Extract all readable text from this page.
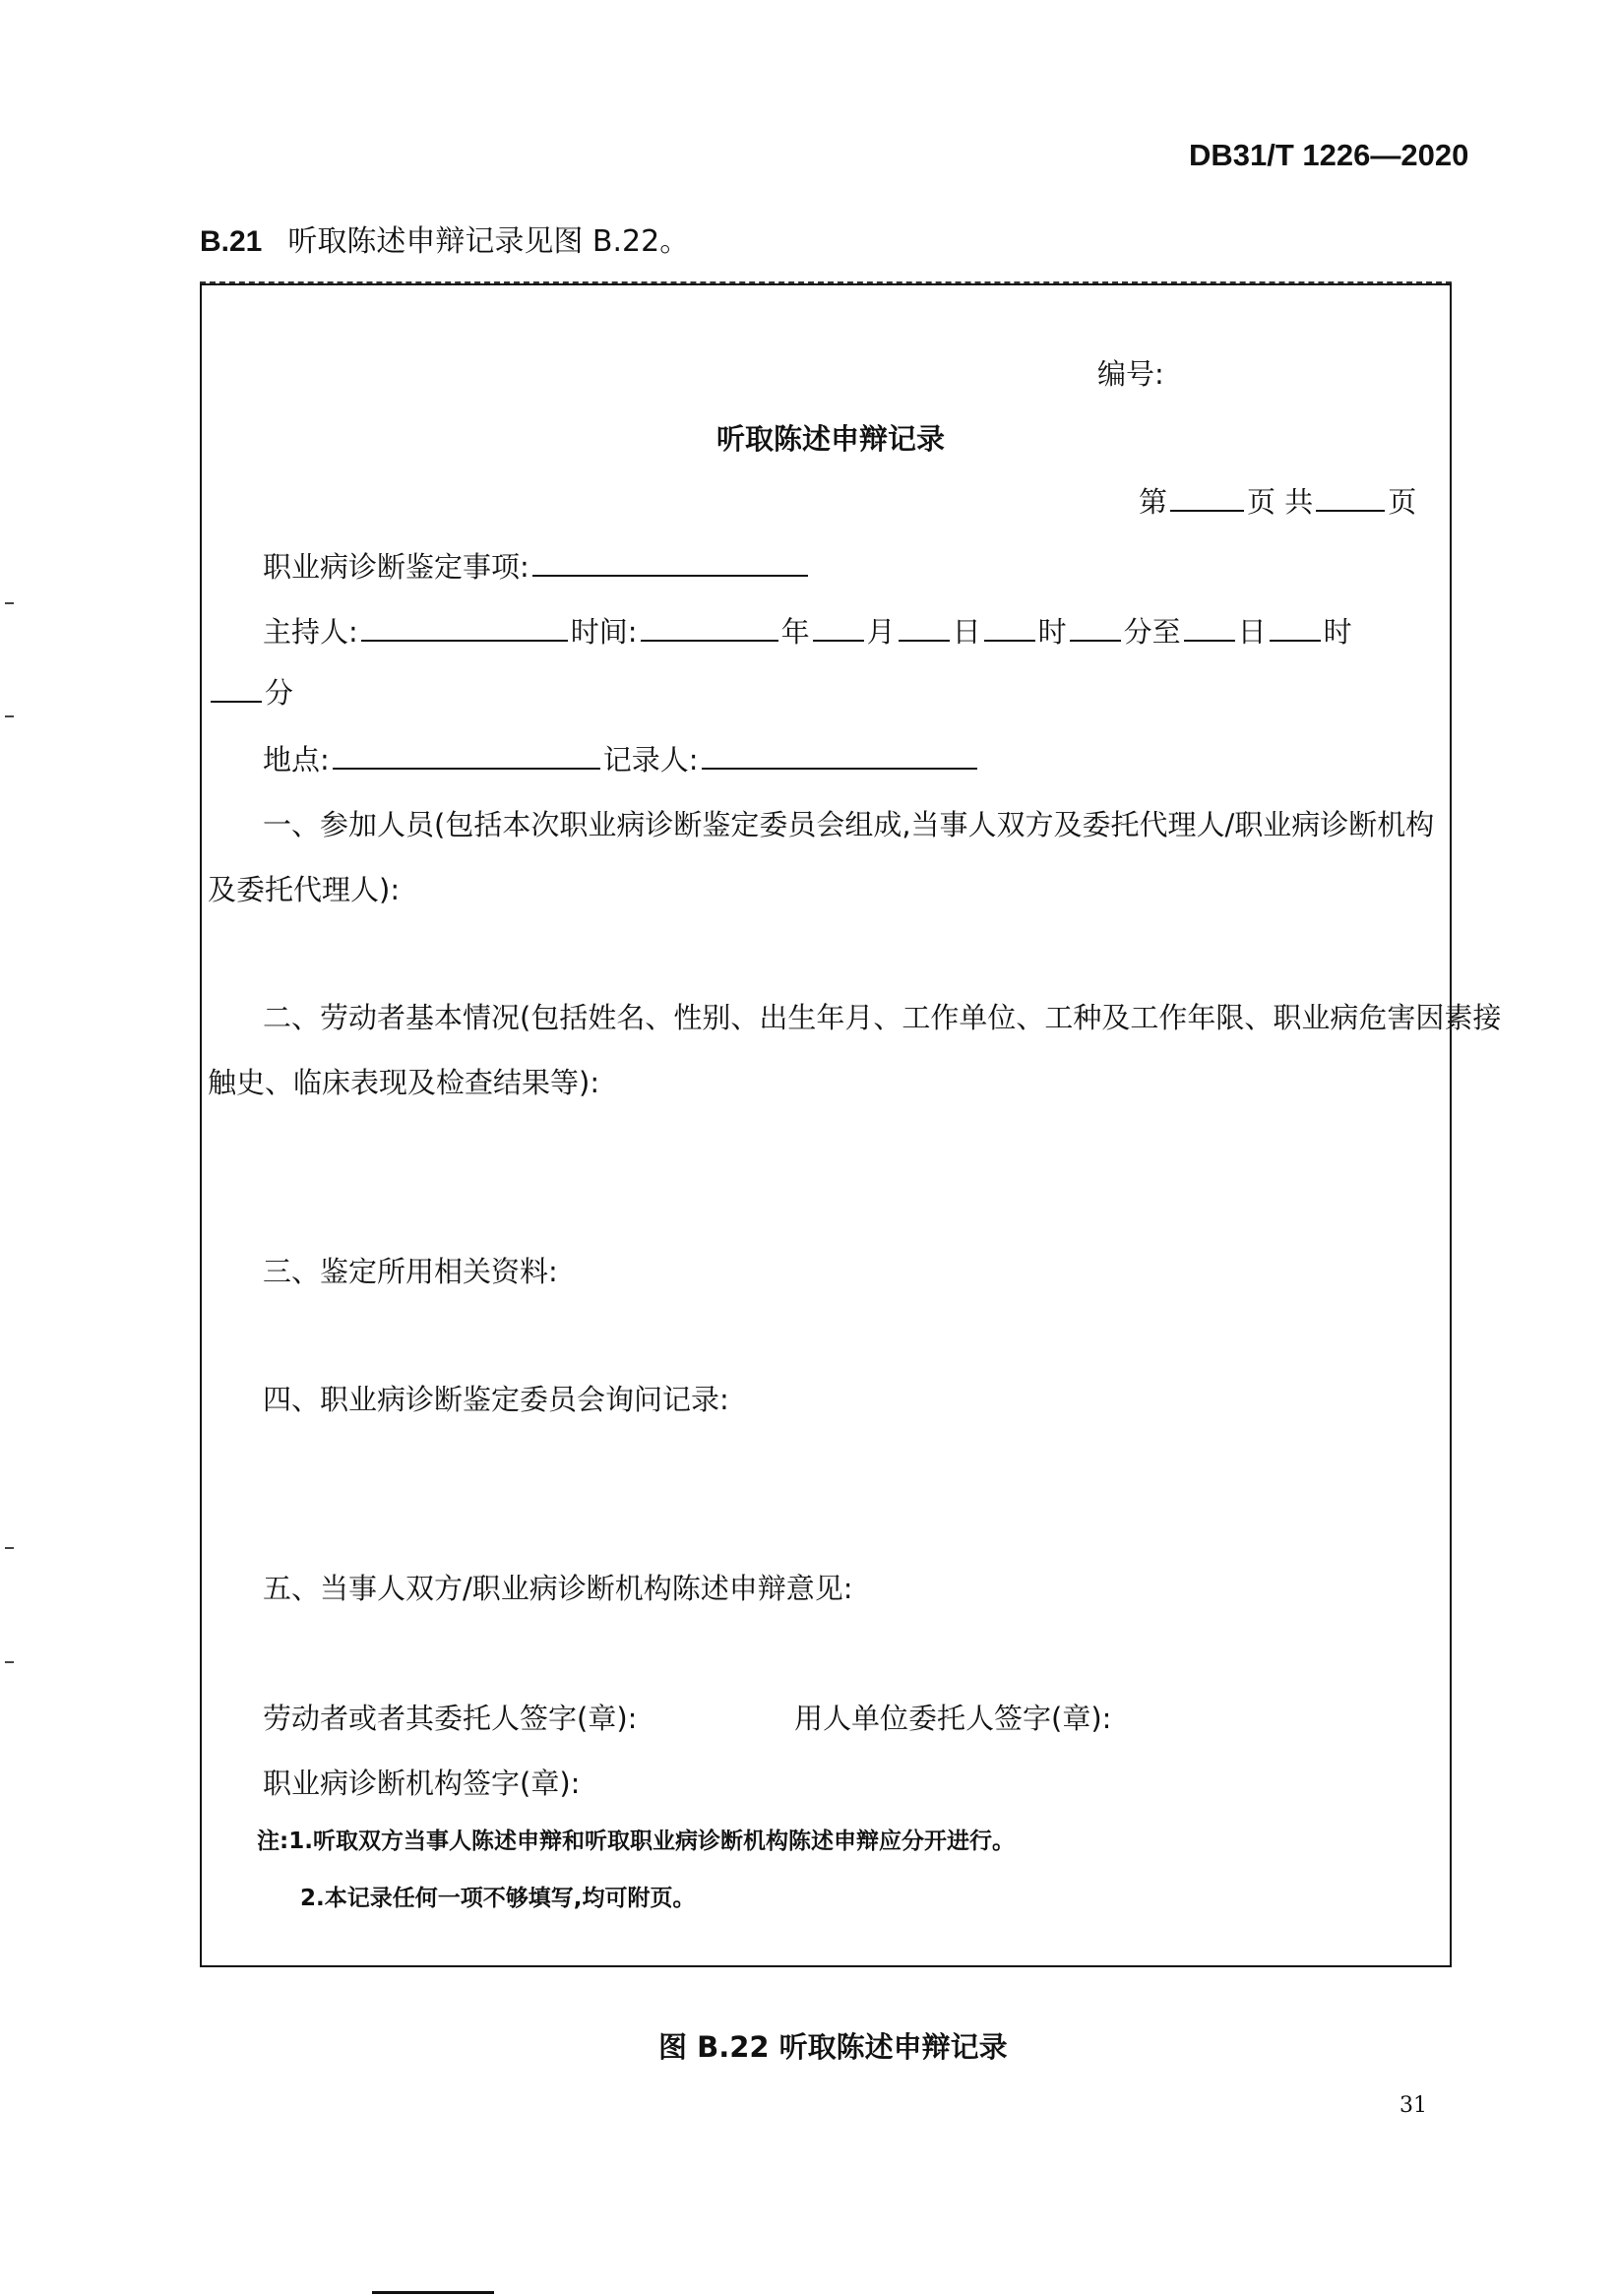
DB31/T 1226—2020
B.21 听取陈述申辩记录见图 B.22。
编号:
听取陈述申辩记录
第	页 共	页
职业病诊断鉴定事项:
主持人:	时间:	年 月 日 时 分至 日 时
分
地点:	记录人:
一、参加人员(包括本次职业病诊断鉴定委员会组成,当事人双方及委托代理人/职业病诊断机构
及委托代理人):
二、劳动者基本情况(包括姓名、性别、出生年月、工作单位、工种及工作年限、职业病危害因素接
触史、临床表现及检查结果等):
三、鉴定所用相关资料:
四、职业病诊断鉴定委员会询问记录:
五、当事人双方/职业病诊断机构陈述申辩意见:
劳动者或者其委托人签字(章):	用人单位委托人签字(章):
职业病诊断机构签字(章):
注:1.听取双方当事人陈述申辩和听取职业病诊断机构陈述申辩应分开进行。
2.本记录任何一项不够填写,均可附页。
图 B.22 听取陈述申辩记录
31
